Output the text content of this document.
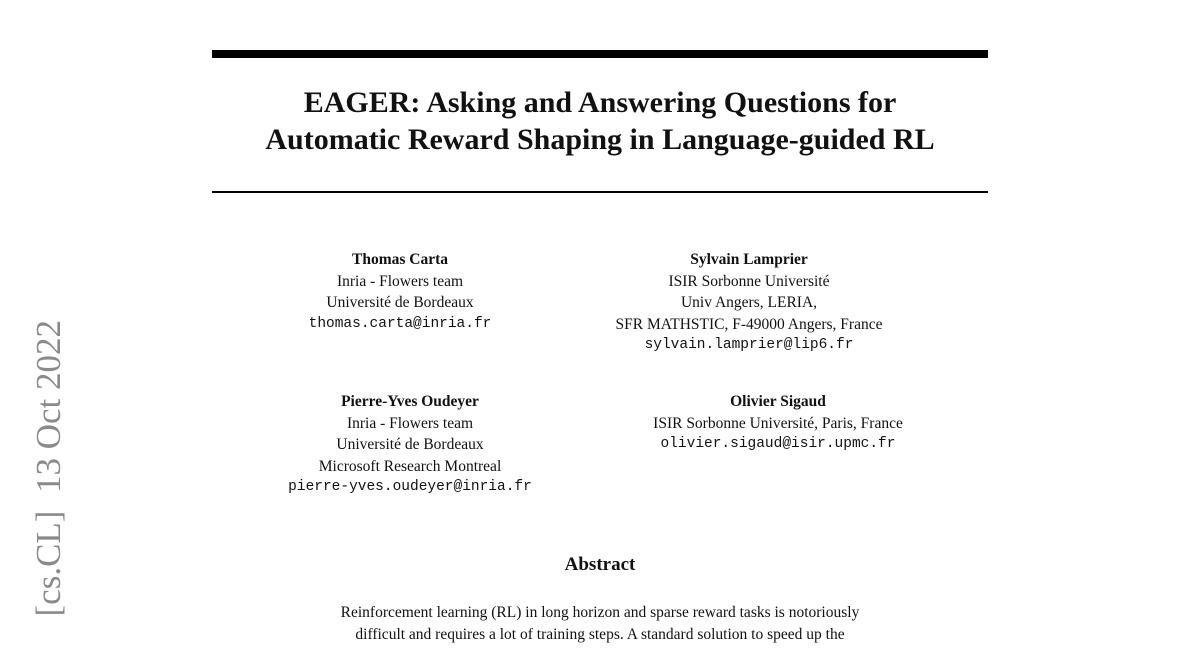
EAGER: Asking and Answering Questions for
Automatic Reward Shaping in Language-guided RL
Thomas Carta
Inria - Flowers team
Université de Bordeaux
thomas.carta@inria.fr
Sylvain Lamprier
ISIR Sorbonne Université
Univ Angers, LERIA,
SFR MATHSTIC, F-49000 Angers, France
sylvain.lamprier@lip6.fr
Pierre-Yves Oudeyer
Inria - Flowers team
Université de Bordeaux
Microsoft Research Montreal
pierre-yves.oudeyer@inria.fr
Olivier Sigaud
ISIR Sorbonne Université, Paris, France
olivier.sigaud@isir.upmc.fr
Abstract
Reinforcement learning (RL) in long horizon and sparse reward tasks is notoriously
difficult and requires a lot of training steps. A standard solution to speed up the
[cs.CL]  13 Oct 2022
